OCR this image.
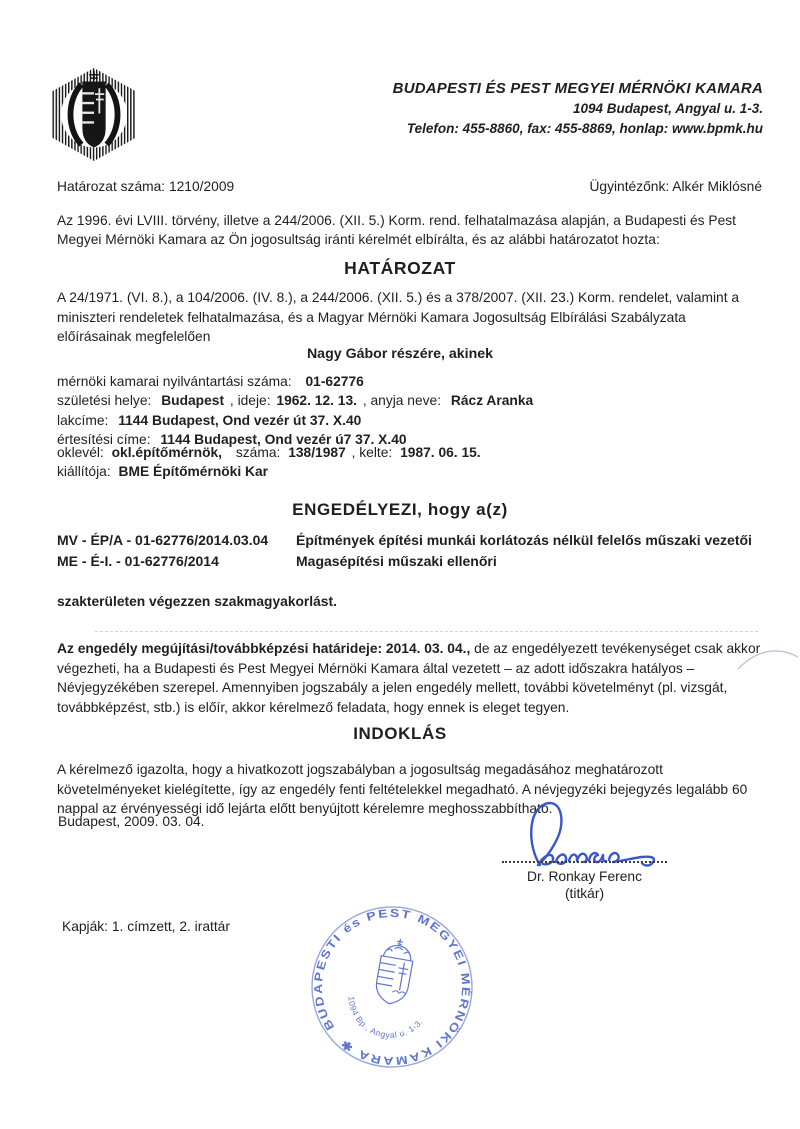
BUDAPESTI ÉS PEST MEGYEI MÉRNÖKI KAMARA
1094 Budapest, Angyal u. 1-3.
Telefon: 455-8860, fax: 455-8869, honlap: www.bpmk.hu
Határozat száma: 1210/2009	Ügyintézőnk: Alkér Miklósné
Az 1996. évi LVIII. törvény, illetve a 244/2006. (XII. 5.) Korm. rend. felhatalmazása alapján, a Budapesti és Pest Megyei Mérnöki Kamara az Ön jogosultság iránti kérelmét elbírálta, és az alábbi határozatot hozta:
HATÁROZAT
A 24/1971. (VI. 8.), a 104/2006. (IV. 8.), a 244/2006. (XII. 5.) és a 378/2007. (XII. 23.) Korm. rendelet, valamint a miniszteri rendeletek felhatalmazása, és a Magyar Mérnöki Kamara Jogosultság Elbírálási Szabályzata előírásainak megfelelően
Nagy Gábor részére, akinek
mérnöki kamarai nyilvántartási száma: 01-62776
születési helye: Budapest , ideje: 1962. 12. 13. , anyja neve: Rácz Aranka
lakcíme: 1144 Budapest, Ond vezér út 37. X.40
értesítési címe: 1144 Budapest, Ond vezér ú7 37. X.40
oklevél: okl.építőmérnök, száma: 138/1987 , kelte: 1987. 06. 15.
kiállítója: BME Építőmérnöki Kar
ENGEDÉLYEZI, hogy a(z)
MV - ÉP/A - 01-62776/2014.03.04	Építmények építési munkái korlátozás nélkül felelős műszaki vezetői
ME - É-I. - 01-62776/2014	Magasépítési műszaki ellenőri
szakterületen végezzen szakmagyakorlást.
Az engedély megújítási/továbbképzési határideje: 2014. 03. 04., de az engedélyezett tevékenységet csak akkor végezheti, ha a Budapesti és Pest Megyei Mérnöki Kamara által vezetett – az adott időszakra hatályos – Névjegyzékében szerepel. Amennyiben jogszabály a jelen engedély mellett, további követelményt (pl. vizsgát, továbbképzést, stb.) is előír, akkor kérelmező feladata, hogy ennek is eleget tegyen.
INDOKLÁS
A kérelmező igazolta, hogy a hivatkozott jogszabályban a jogosultság megadásához meghatározott követelményeket kielégítette, így az engedély fenti feltételekkel megadható. A névjegyzéki bejegyzés legalább 60 nappal az érvényességi idő lejárta előtt benyújtott kérelemre meghosszabbítható.
Budapest, 2009. 03. 04.
Dr. Ronkay Ferenc
(titkár)
Kapják: 1. címzett, 2. irattár
BUDAPESTI és PEST MEGYEI MÉRNÖKI KAMARA ✱
1094 Bp., Angyal u. 1-3.
